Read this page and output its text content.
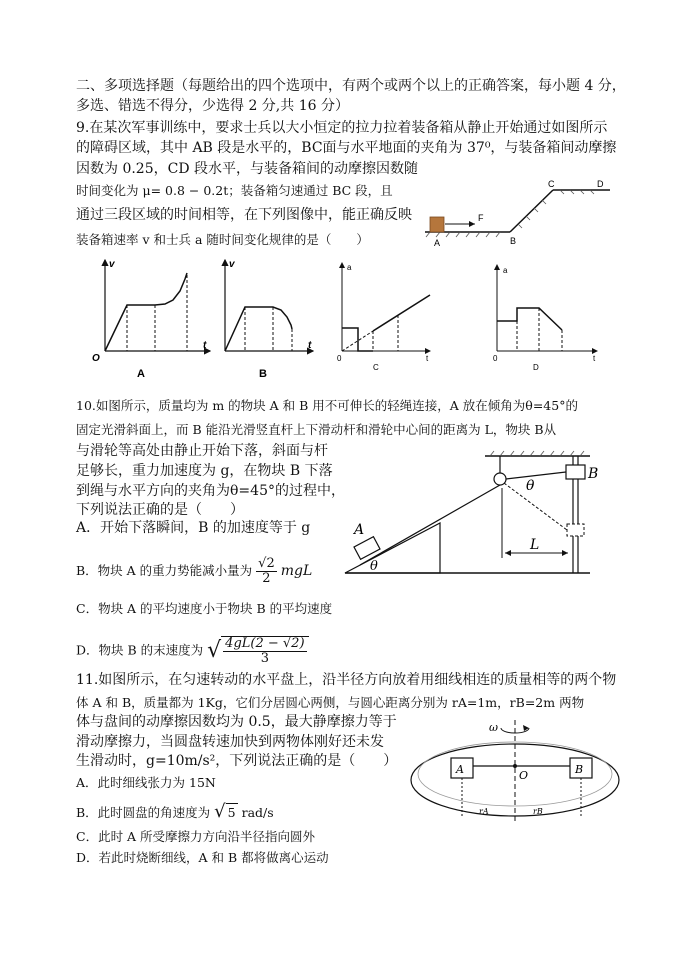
二、多项选择题（每题给出的四个选项中，有两个或两个以上的正确答案，每小题 4 分，
多选、错选不得分，少选得 2 分,共 16 分）
9.在某次军事训练中，要求士兵以大小恒定的拉力拉着装备箱从静止开始通过如图所示
的障碍区域，其中 AB 段是水平的，BC面与水平地面的夹角为 37⁰，与装备箱间动摩擦
因数为 0.25，CD 段水平，与装备箱间的动摩擦因数随
时间变化为 μ= 0.8 − 0.2t；装备箱匀速通过 BC 段，且
通过三段区域的时间相等，在下列图像中，能正确反映
装备箱速率 v 和士兵 a 随时间变化规律的是（　　）
F
A	B
C	D
v
t
O
A
v
t
B
a
t
0
C
a
t
0
D
10.如图所示，质量均为 m 的物块 A 和 B 用不可伸长的轻绳连接，A 放在倾角为θ=45°的
固定光滑斜面上，而 B 能沿光滑竖直杆上下滑动杆和滑轮中心间的距离为 L，物块 B从
与滑轮等高处由静止开始下落，斜面与杆
足够长，重力加速度为 g，在物块 B 下落
到绳与水平方向的夹角为θ=45°的过程中，
下列说法正确的是（　　）
A．开始下落瞬间，B 的加速度等于 g
B．物块 A 的重力势能减小量为 $\frac{√2}{2}$ mgL
C．物块 A 的平均速度小于物块 B 的平均速度
D．物块 B 的末速度为 √ $\frac{4gL(2 - √2)}{3}$
A
θ
B
θ
L
11.如图所示，在匀速转动的水平盘上，沿半径方向放着用细线相连的质量相等的两个物
体 A 和 B，质量都为 1Kg，它们分居圆心两侧，与圆心距离分别为 rA=1m，rB=2m 两物
体与盘间的动摩擦因数均为 0.5，最大静摩擦力等于
滑动摩擦力，当圆盘转速加快到两物体刚好还未发
生滑动时，g=10m/s²，下列说法正确的是（　　）
A．此时细线张力为 15N
B．此时圆盘的角速度为 √ 5 rad/s
C．此时 A 所受摩擦力方向沿半径指向圆外
D．若此时烧断细线，A 和 B 都将做离心运动
ω
A	B
O
rA	rB
